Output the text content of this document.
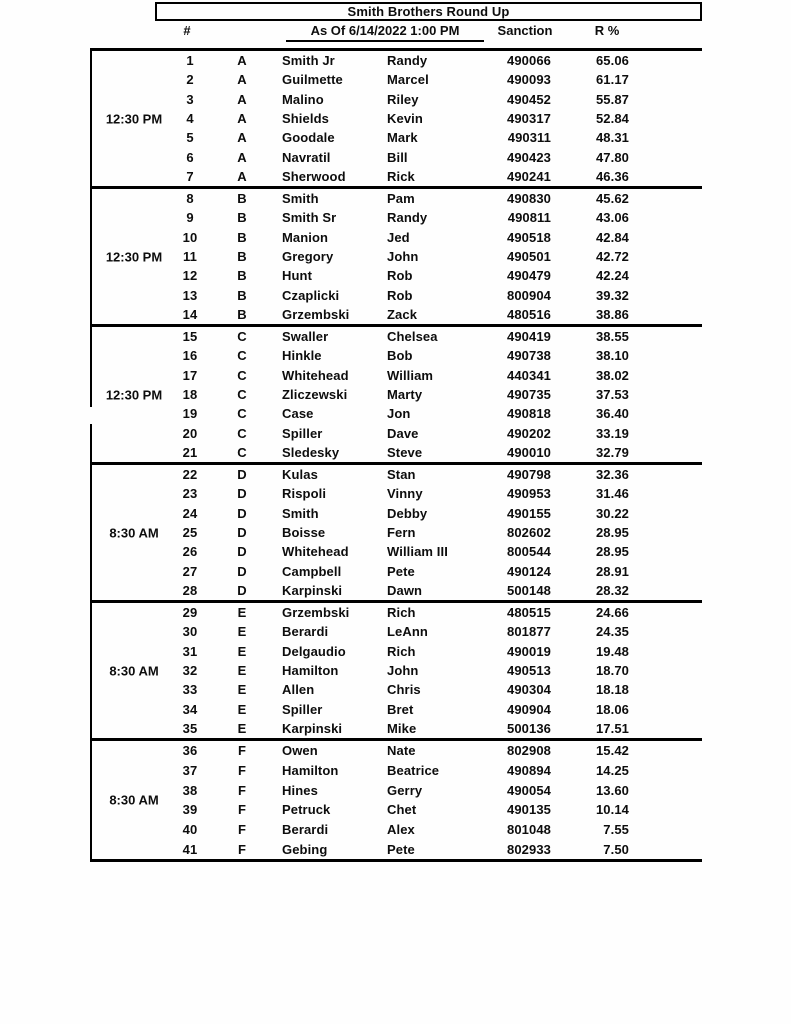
Smith Brothers Round Up
#	As Of 6/14/2022 1:00 PM	Sanction	R %
12:30 PM
1	A	Smith Jr	Randy	490066	65.06
2	A	Guilmette	Marcel	490093	61.17
3	A	Malino	Riley	490452	55.87
4	A	Shields	Kevin	490317	52.84
5	A	Goodale	Mark	490311	48.31
6	A	Navratil	Bill	490423	47.80
7	A	Sherwood	Rick	490241	46.36
12:30 PM
8	B	Smith	Pam	490830	45.62
9	B	Smith Sr	Randy	490811	43.06
10	B	Manion	Jed	490518	42.84
11	B	Gregory	John	490501	42.72
12	B	Hunt	Rob	490479	42.24
13	B	Czaplicki	Rob	800904	39.32
14	B	Grzembski	Zack	480516	38.86
12:30 PM
15	C	Swaller	Chelsea	490419	38.55
16	C	Hinkle	Bob	490738	38.10
17	C	Whitehead	William	440341	38.02
18	C	Zliczewski	Marty	490735	37.53
19	C	Case	Jon	490818	36.40
20	C	Spiller	Dave	490202	33.19
21	C	Sledesky	Steve	490010	32.79
8:30 AM
22	D	Kulas	Stan	490798	32.36
23	D	Rispoli	Vinny	490953	31.46
24	D	Smith	Debby	490155	30.22
25	D	Boisse	Fern	802602	28.95
26	D	Whitehead	William III	800544	28.95
27	D	Campbell	Pete	490124	28.91
28	D	Karpinski	Dawn	500148	28.32
8:30 AM
29	E	Grzembski	Rich	480515	24.66
30	E	Berardi	LeAnn	801877	24.35
31	E	Delgaudio	Rich	490019	19.48
32	E	Hamilton	John	490513	18.70
33	E	Allen	Chris	490304	18.18
34	E	Spiller	Bret	490904	18.06
35	E	Karpinski	Mike	500136	17.51
8:30 AM
36	F	Owen	Nate	802908	15.42
37	F	Hamilton	Beatrice	490894	14.25
38	F	Hines	Gerry	490054	13.60
39	F	Petruck	Chet	490135	10.14
40	F	Berardi	Alex	801048	7.55
41	F	Gebing	Pete	802933	7.50
